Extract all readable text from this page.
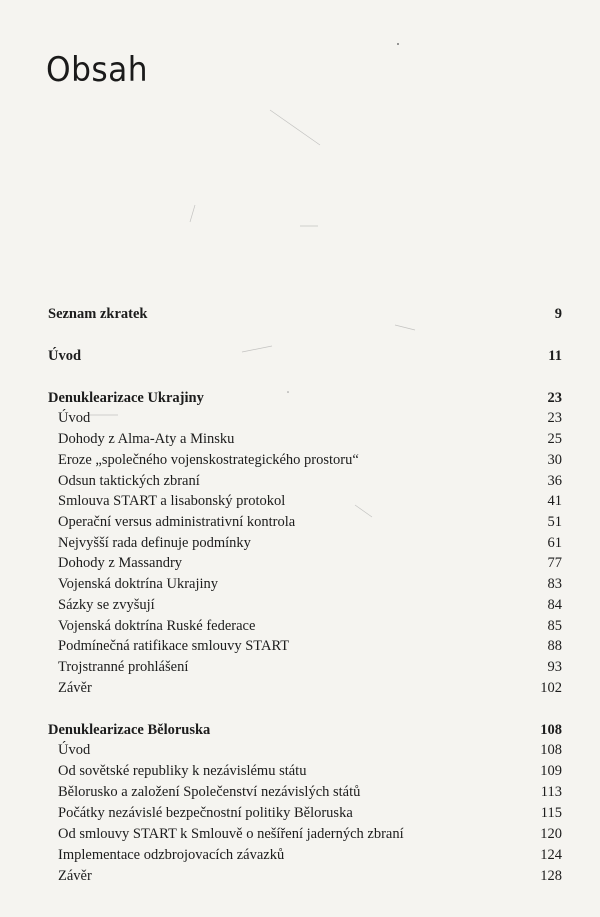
Obsah
Seznam zkratek	9
Úvod	11
Denuklearizace Ukrajiny	23
Úvod	23
Dohody z Alma-Aty a Minsku	25
Eroze „společného vojenskostrategického prostoru“	30
Odsun taktických zbraní	36
Smlouva START a lisabonský protokol	41
Operační versus administrativní kontrola	51
Nejvyšší rada definuje podmínky	61
Dohody z Massandry	77
Vojenská doktrína Ukrajiny	83
Sázky se zvyšují	84
Vojenská doktrína Ruské federace	85
Podmínečná ratifikace smlouvy START	88
Trojstranné prohlášení	93
Závěr	102
Denuklearizace Běloruska	108
Úvod	108
Od sovětské republiky k nezávislému státu	109
Bělorusko a založení Společenství nezávislých států	113
Počátky nezávislé bezpečnostní politiky Běloruska	115
Od smlouvy START k Smlouvě o nešíření jaderných zbraní	120
Implementace odzbrojovacích závazků	124
Závěr	128
